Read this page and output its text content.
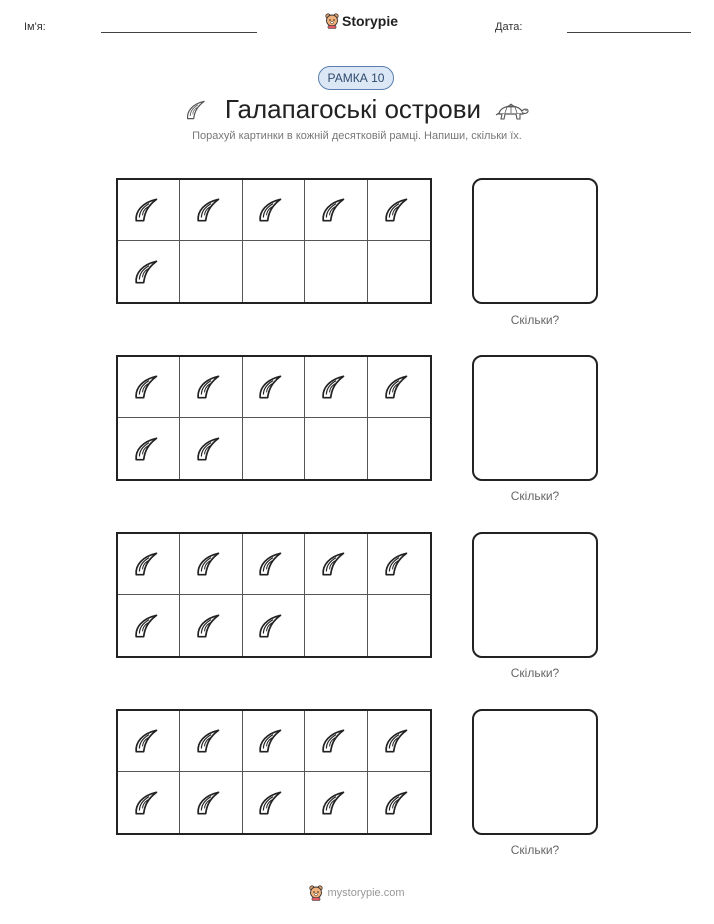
Ім'я:	Storypie	Дата:
РАМКА 10
Галапагоські острови
Порахуй картинки в кожній десятковій рамці. Напиши, скільки їх.
Скільки?
Скільки?
Скільки?
Скільки?
mystorypie.com
